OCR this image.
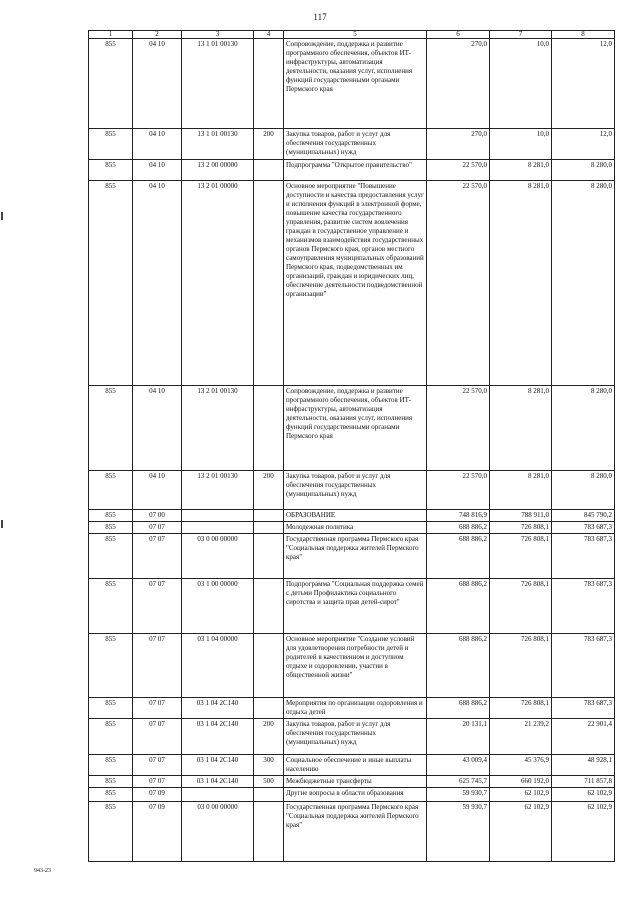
117
1	2	3	4	5	6	7	8
855	04 10	13 1 01 00130		Сопровождение, поддержка и развитие программного обеспечения, объектов ИТ-инфраструктуры, автоматизация деятельности, оказания услуг, исполнения функций государственными органами Пермского края	270,0	10,0	12,0
855	04 10	13 1 01 00130	200	Закупка товаров, работ и услуг для обеспечения государственных (муниципальных) нужд	270,0	10,0	12,0
855	04 10	13 2 00 00000		Подпрограмма "Открытое правительство"	22 570,0	8 281,0	8 280,0
855	04 10	13 2 01 00000		Основное мероприятие "Повышение доступности и качества предоставления услуг и исполнения функций в электронной форме, повышение качества государственного управления, развитие систем вовлечения граждан в государственное управление и механизмов взаимодействия государственных органов Пермского края, органов местного самоуправления муниципальных образований Пермского края, подведомственных им организаций, граждан и юридических лиц, обеспечение деятельности подведомственной организации"	22 570,0	8 281,0	8 280,0
855	04 10	13 2 01 00130		Сопровождение, поддержка и развитие программного обеспечения, объектов ИТ-инфраструктуры, автоматизация деятельности, оказания услуг, исполнения функций государственными органами Пермского края	22 570,0	8 281,0	8 280,0
855	04 10	13 2 01 00130	200	Закупка товаров, работ и услуг для обеспечения государственных (муниципальных) нужд	22 570,0	8 281,0	8 280,0
855	07 00			ОБРАЗОВАНИЕ	748 816,9	788 911,0	845 790,2
855	07 07			Молодежная политика	688 886,2	726 808,1	783 687,3
855	07 07	03 0 00 00000		Государственная программа Пермского края "Социальная поддержка жителей Пермского края"	688 886,2	726 808,1	783 687,3
855	07 07	03 1 00 00000		Подпрограмма "Социальная поддержка семей с детьми Профилактика социального сиротства и защита прав детей-сирот"	688 886,2	726 808,1	783 687,3
855	07 07	03 1 04 00000		Основное мероприятие "Создание условий для удовлетворения потребности детей и родителей в качественном и доступном отдыхе и оздоровлении, участии в общественной жизни"	688 886,2	726 808,1	783 687,3
855	07 07	03 1 04 2С140		Мероприятия по организации оздоровления и отдыха детей	688 886,2	726 808,1	783 687,3
855	07 07	03 1 04 2С140	200	Закупка товаров, работ и услуг для обеспечения государственных (муниципальных) нужд	20 131,1	21 239,2	22 901,4
855	07 07	03 1 04 2С140	300	Социальное обеспечение и иные выплаты населению	43 009,4	45 376,9	48 928,1
855	07 07	03 1 04 2С140	500	Межбюджетные трансферты	625 745,7	660 192,0	711 857,8
855	07 09			Другие вопросы в области образования	59 930,7	62 102,9	62 102,9
855	07 09	03 0 00 00000		Государственная программа Пермского края "Социальная поддержка жителей Пермского края"	59 930,7	62 102,9	62 102,9
943-23
